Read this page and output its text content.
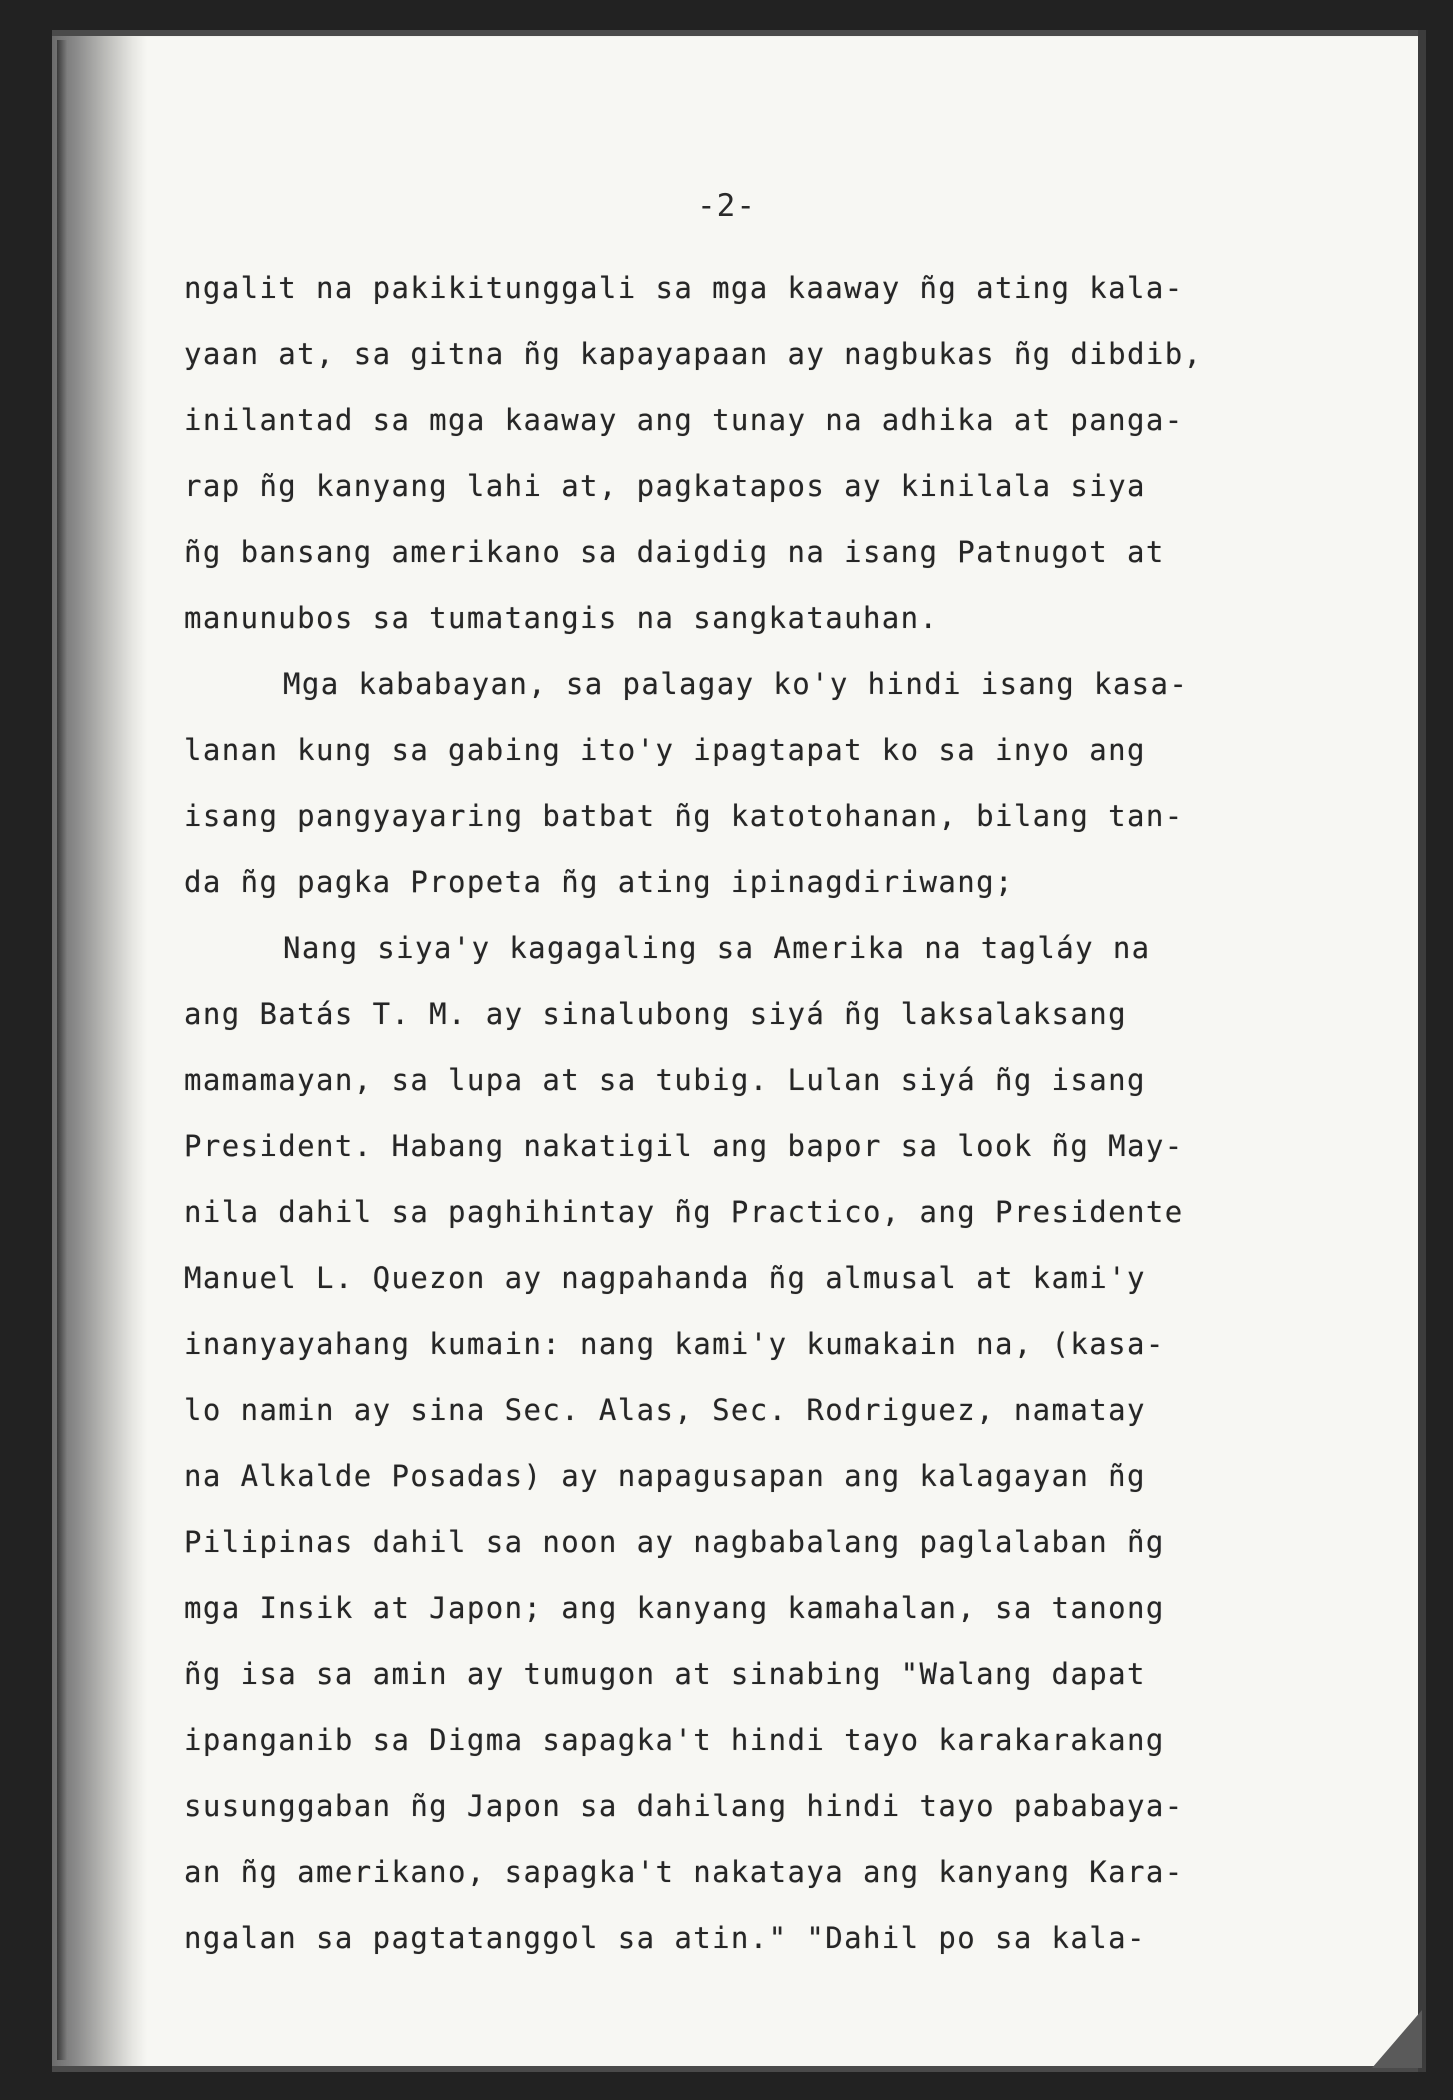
-2-
ngalit na pakikitunggali sa mga kaaway ñg ating kala-
yaan at, sa gitna ñg kapayapaan ay nagbukas ñg dibdib,
inilantad sa mga kaaway ang tunay na adhika at panga-
rap ñg kanyang lahi at, pagkatapos ay kinilala siya
ñg bansang amerikano sa daigdig na isang Patnugot at
manunubos sa tumatangis na sangkatauhan.
Mga kababayan, sa palagay ko'y hindi isang kasa-
lanan kung sa gabing ito'y ipagtapat ko sa inyo ang
isang pangyayaring batbat ñg katotohanan, bilang tan-
da ñg pagka Propeta ñg ating ipinagdiriwang;
Nang siya'y kagagaling sa Amerika na tagláy na
ang Batás T. M. ay sinalubong siyá ñg laksalaksang
mamamayan, sa lupa at sa tubig. Lulan siyá ñg isang
President. Habang nakatigil ang bapor sa look ñg May-
nila dahil sa paghihintay ñg Practico, ang Presidente
Manuel L. Quezon ay nagpahanda ñg almusal at kami'y
inanyayahang kumain: nang kami'y kumakain na, (kasa-
lo namin ay sina Sec. Alas, Sec. Rodriguez, namatay
na Alkalde Posadas) ay napagusapan ang kalagayan ñg
Pilipinas dahil sa noon ay nagbabalang paglalaban ñg
mga Insik at Japon; ang kanyang kamahalan, sa tanong
ñg isa sa amin ay tumugon at sinabing "Walang dapat
ipanganib sa Digma sapagka't hindi tayo karakarakang
susunggaban ñg Japon sa dahilang hindi tayo pababaya-
an ñg amerikano, sapagka't nakataya ang kanyang Kara-
ngalan sa pagtatanggol sa atin." "Dahil po sa kala-
